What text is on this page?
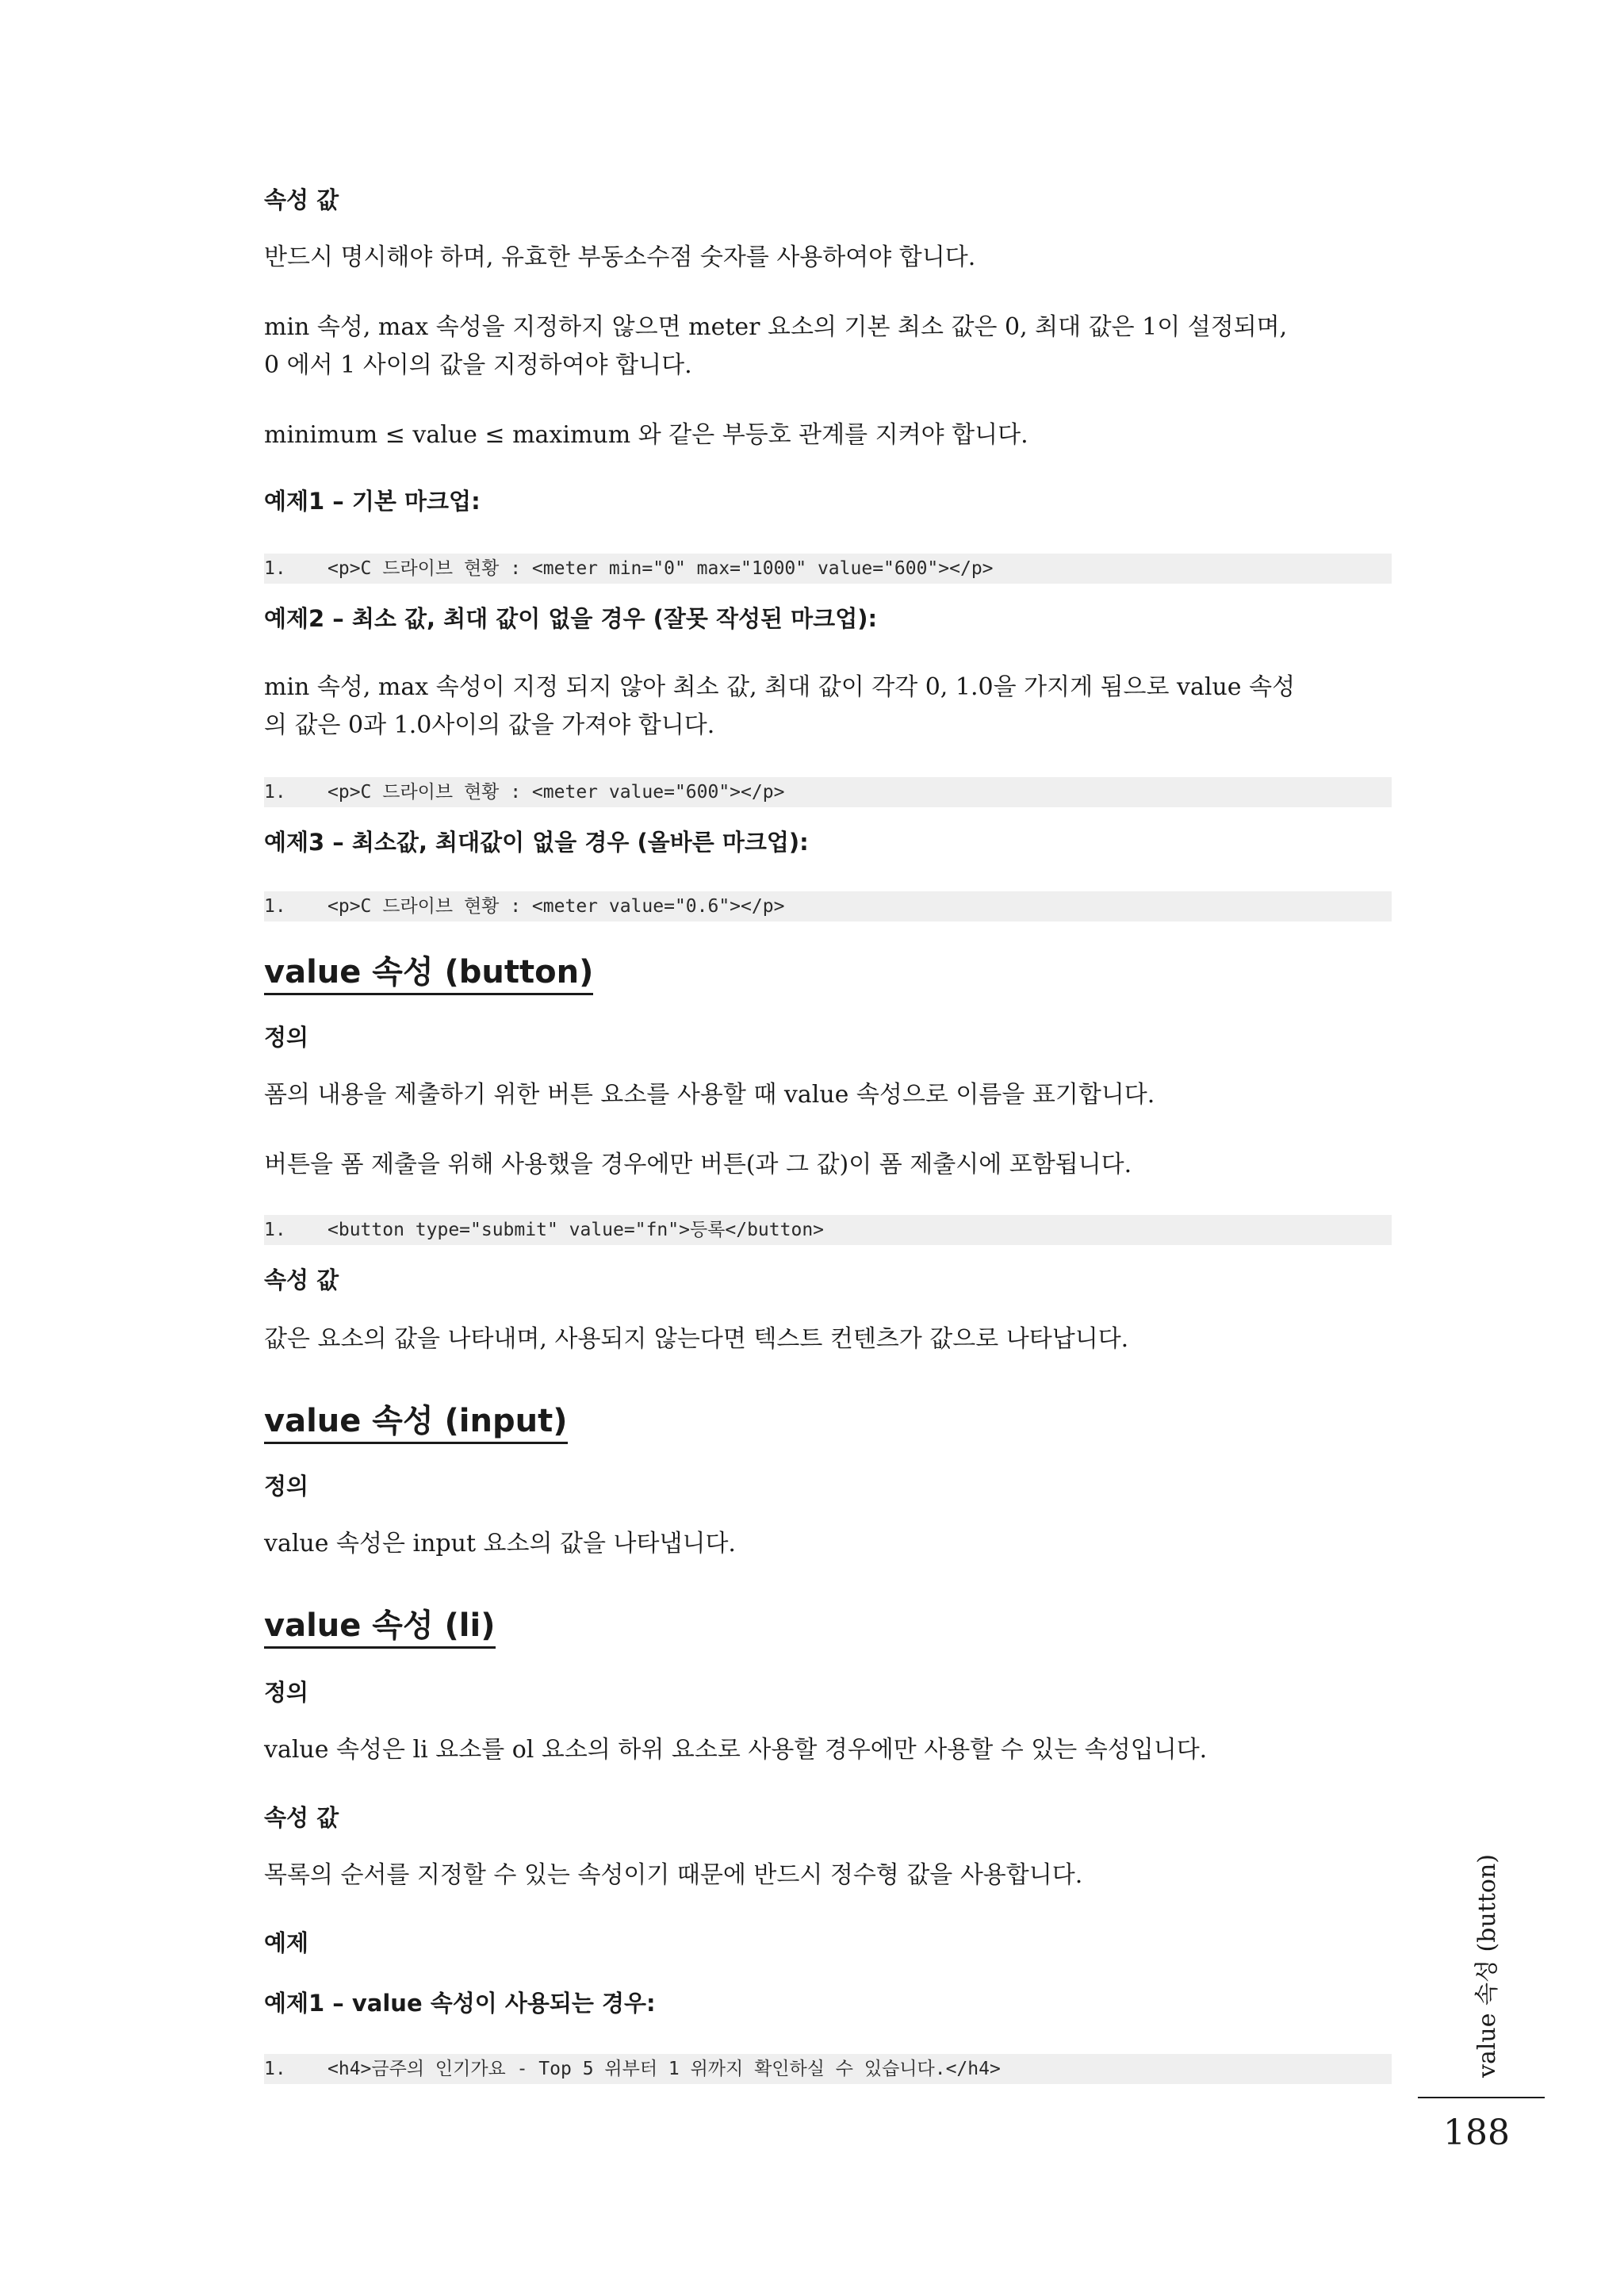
속성 값
반드시 명시해야 하며, 유효한 부동소수점 숫자를 사용하여야 합니다.
min 속성, max 속성을 지정하지 않으면 meter 요소의 기본 최소 값은 0, 최대 값은 1이 설정되며,
0 에서 1 사이의 값을 지정하여야 합니다.
minimum ≤ value ≤ maximum 와 같은 부등호 관계를 지켜야 합니다.
예제1 – 기본 마크업:
1. <p>C 드라이브 현황 : <meter min="0" max="1000" value="600"></p>
예제2 – 최소 값, 최대 값이 없을 경우 (잘못 작성된 마크업):
min 속성, max 속성이 지정 되지 않아 최소 값, 최대 값이 각각 0, 1.0을 가지게 됨으로 value 속성
의 값은 0과 1.0사이의 값을 가져야 합니다.
1. <p>C 드라이브 현황 : <meter value="600"></p>
예제3 – 최소값, 최대값이 없을 경우 (올바른 마크업):
1. <p>C 드라이브 현황 : <meter value="0.6"></p>
value 속성 (button)
정의
폼의 내용을 제출하기 위한 버튼 요소를 사용할 때 value 속성으로 이름을 표기합니다.
버튼을 폼 제출을 위해 사용했을 경우에만 버튼(과 그 값)이 폼 제출시에 포함됩니다.
1. <button type="submit" value="fn">등록</button>
속성 값
값은 요소의 값을 나타내며, 사용되지 않는다면 텍스트 컨텐츠가 값으로 나타납니다.
value 속성 (input)
정의
value 속성은 input 요소의 값을 나타냅니다.
value 속성 (li)
정의
value 속성은 li 요소를 ol 요소의 하위 요소로 사용할 경우에만 사용할 수 있는 속성입니다.
속성 값
목록의 순서를 지정할 수 있는 속성이기 때문에 반드시 정수형 값을 사용합니다.
예제
예제1 – value 속성이 사용되는 경우:
1. <h4>금주의 인기가요 - Top 5 위부터 1 위까지 확인하실 수 있습니다.</h4>	value 속성 (button)
188
